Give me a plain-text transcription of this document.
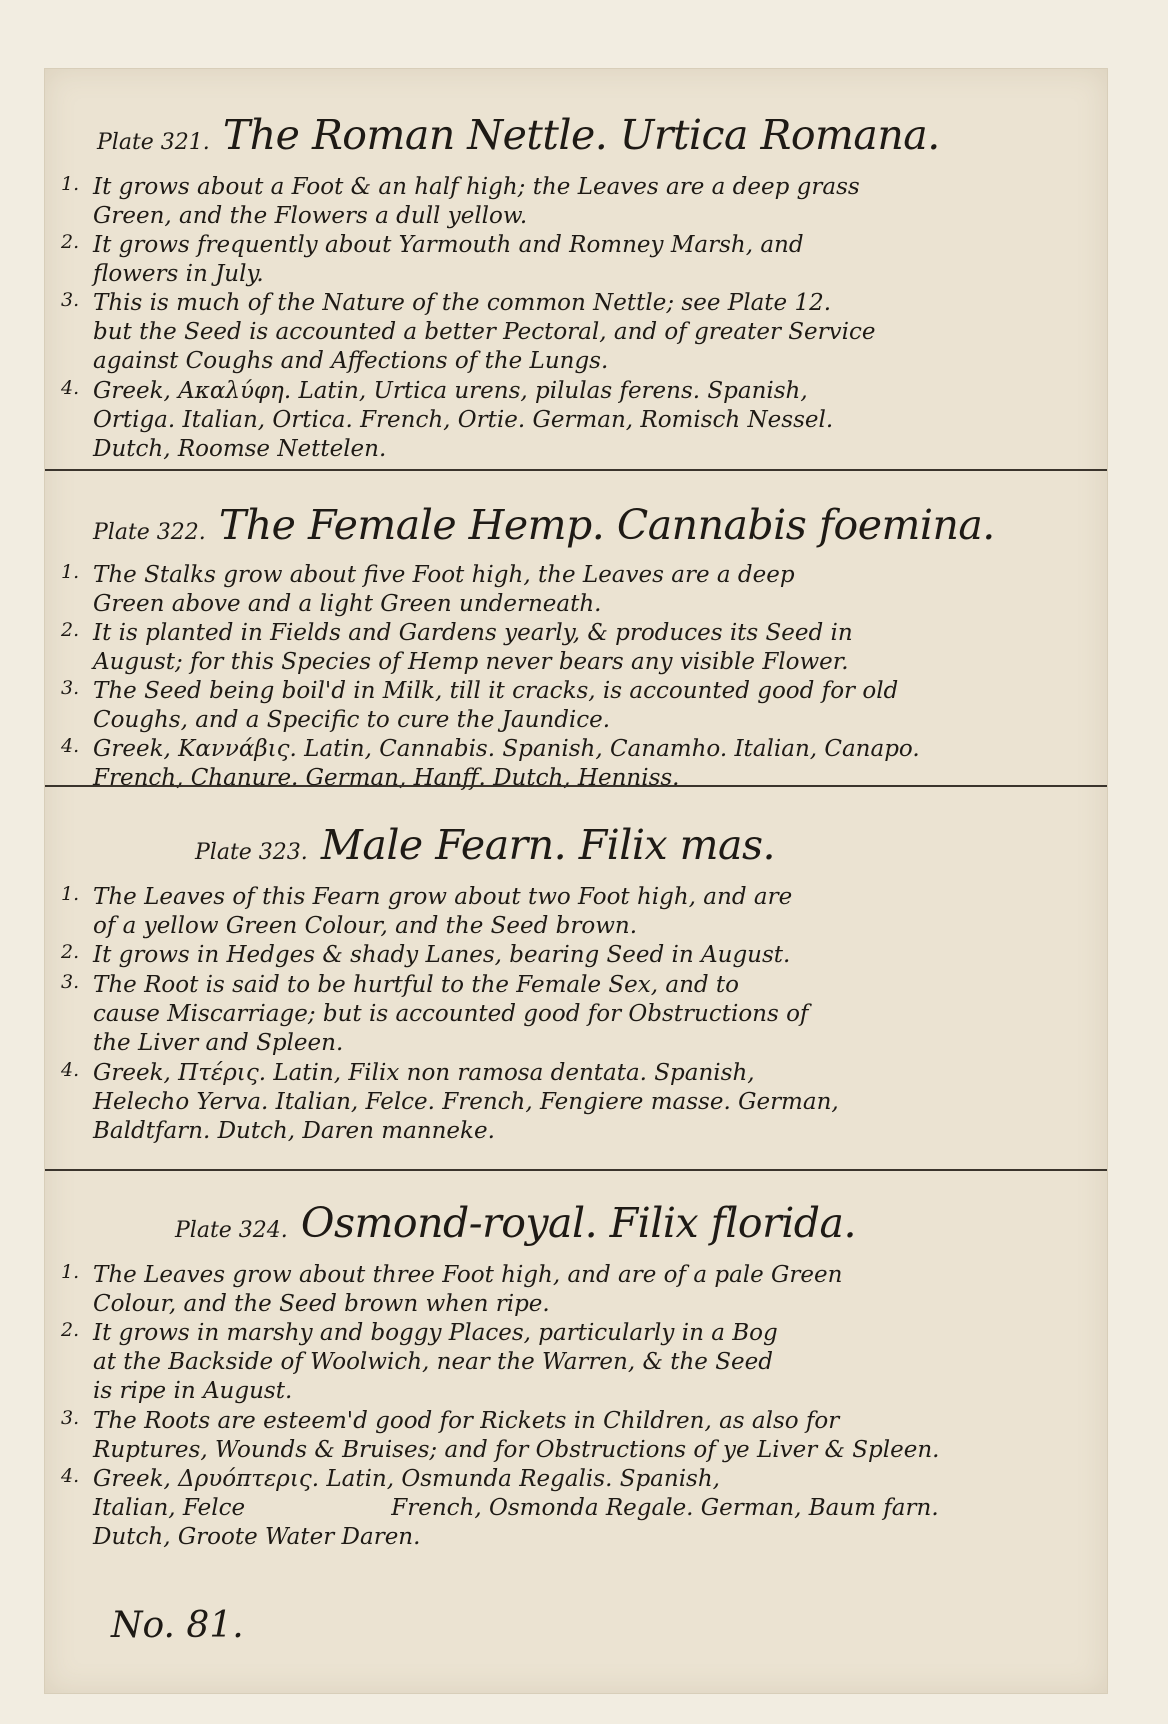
Plate 321. The Roman Nettle. Urtica Romana.
1. It grows about a Foot & an half high; the Leaves are a deep grass
Green, and the Flowers a dull yellow.
2. It grows frequently about Yarmouth and Romney Marsh, and
flowers in July.
3. This is much of the Nature of the common Nettle; see Plate 12.
but the Seed is accounted a better Pectoral, and of greater Service
against Coughs and Affections of the Lungs.
4. Greek, Ακαλύφη. Latin, Urtica urens, pilulas ferens. Spanish,
Ortiga. Italian, Ortica. French, Ortie. German, Romisch Nessel.
Dutch, Roomse Nettelen.
Plate 322. The Female Hemp. Cannabis foemina.
1. The Stalks grow about five Foot high, the Leaves are a deep
Green above and a light Green underneath.
2. It is planted in Fields and Gardens yearly, & produces its Seed in
August; for this Species of Hemp never bears any visible Flower.
3. The Seed being boil'd in Milk, till it cracks, is accounted good for old
Coughs, and a Specific to cure the Jaundice.
4. Greek, Καννάβις. Latin, Cannabis. Spanish, Canamho. Italian, Canapo.
French, Chanure. German, Hanff. Dutch, Henniss.
Plate 323. Male Fearn. Filix mas.
1. The Leaves of this Fearn grow about two Foot high, and are
of a yellow Green Colour, and the Seed brown.
2. It grows in Hedges & shady Lanes, bearing Seed in August.
3. The Root is said to be hurtful to the Female Sex, and to
cause Miscarriage; but is accounted good for Obstructions of
the Liver and Spleen.
4. Greek, Πτέρις. Latin, Filix non ramosa dentata. Spanish,
Helecho Yerva. Italian, Felce. French, Fengiere masse. German,
Baldtfarn. Dutch, Daren manneke.
Plate 324. Osmond-royal. Filix florida.
1. The Leaves grow about three Foot high, and are of a pale Green
Colour, and the Seed brown when ripe.
2. It grows in marshy and boggy Places, particularly in a Bog
at the Backside of Woolwich, near the Warren, & the Seed
is ripe in August.
3. The Roots are esteem'd good for Rickets in Children, as also for
Ruptures, Wounds & Bruises; and for Obstructions of ye Liver & Spleen.
4. Greek, Δρυόπτερις. Latin, Osmunda Regalis. Spanish,
Italian, Felce                    French, Osmonda Regale. German, Baum farn.
Dutch, Groote Water Daren.
No. 81.
